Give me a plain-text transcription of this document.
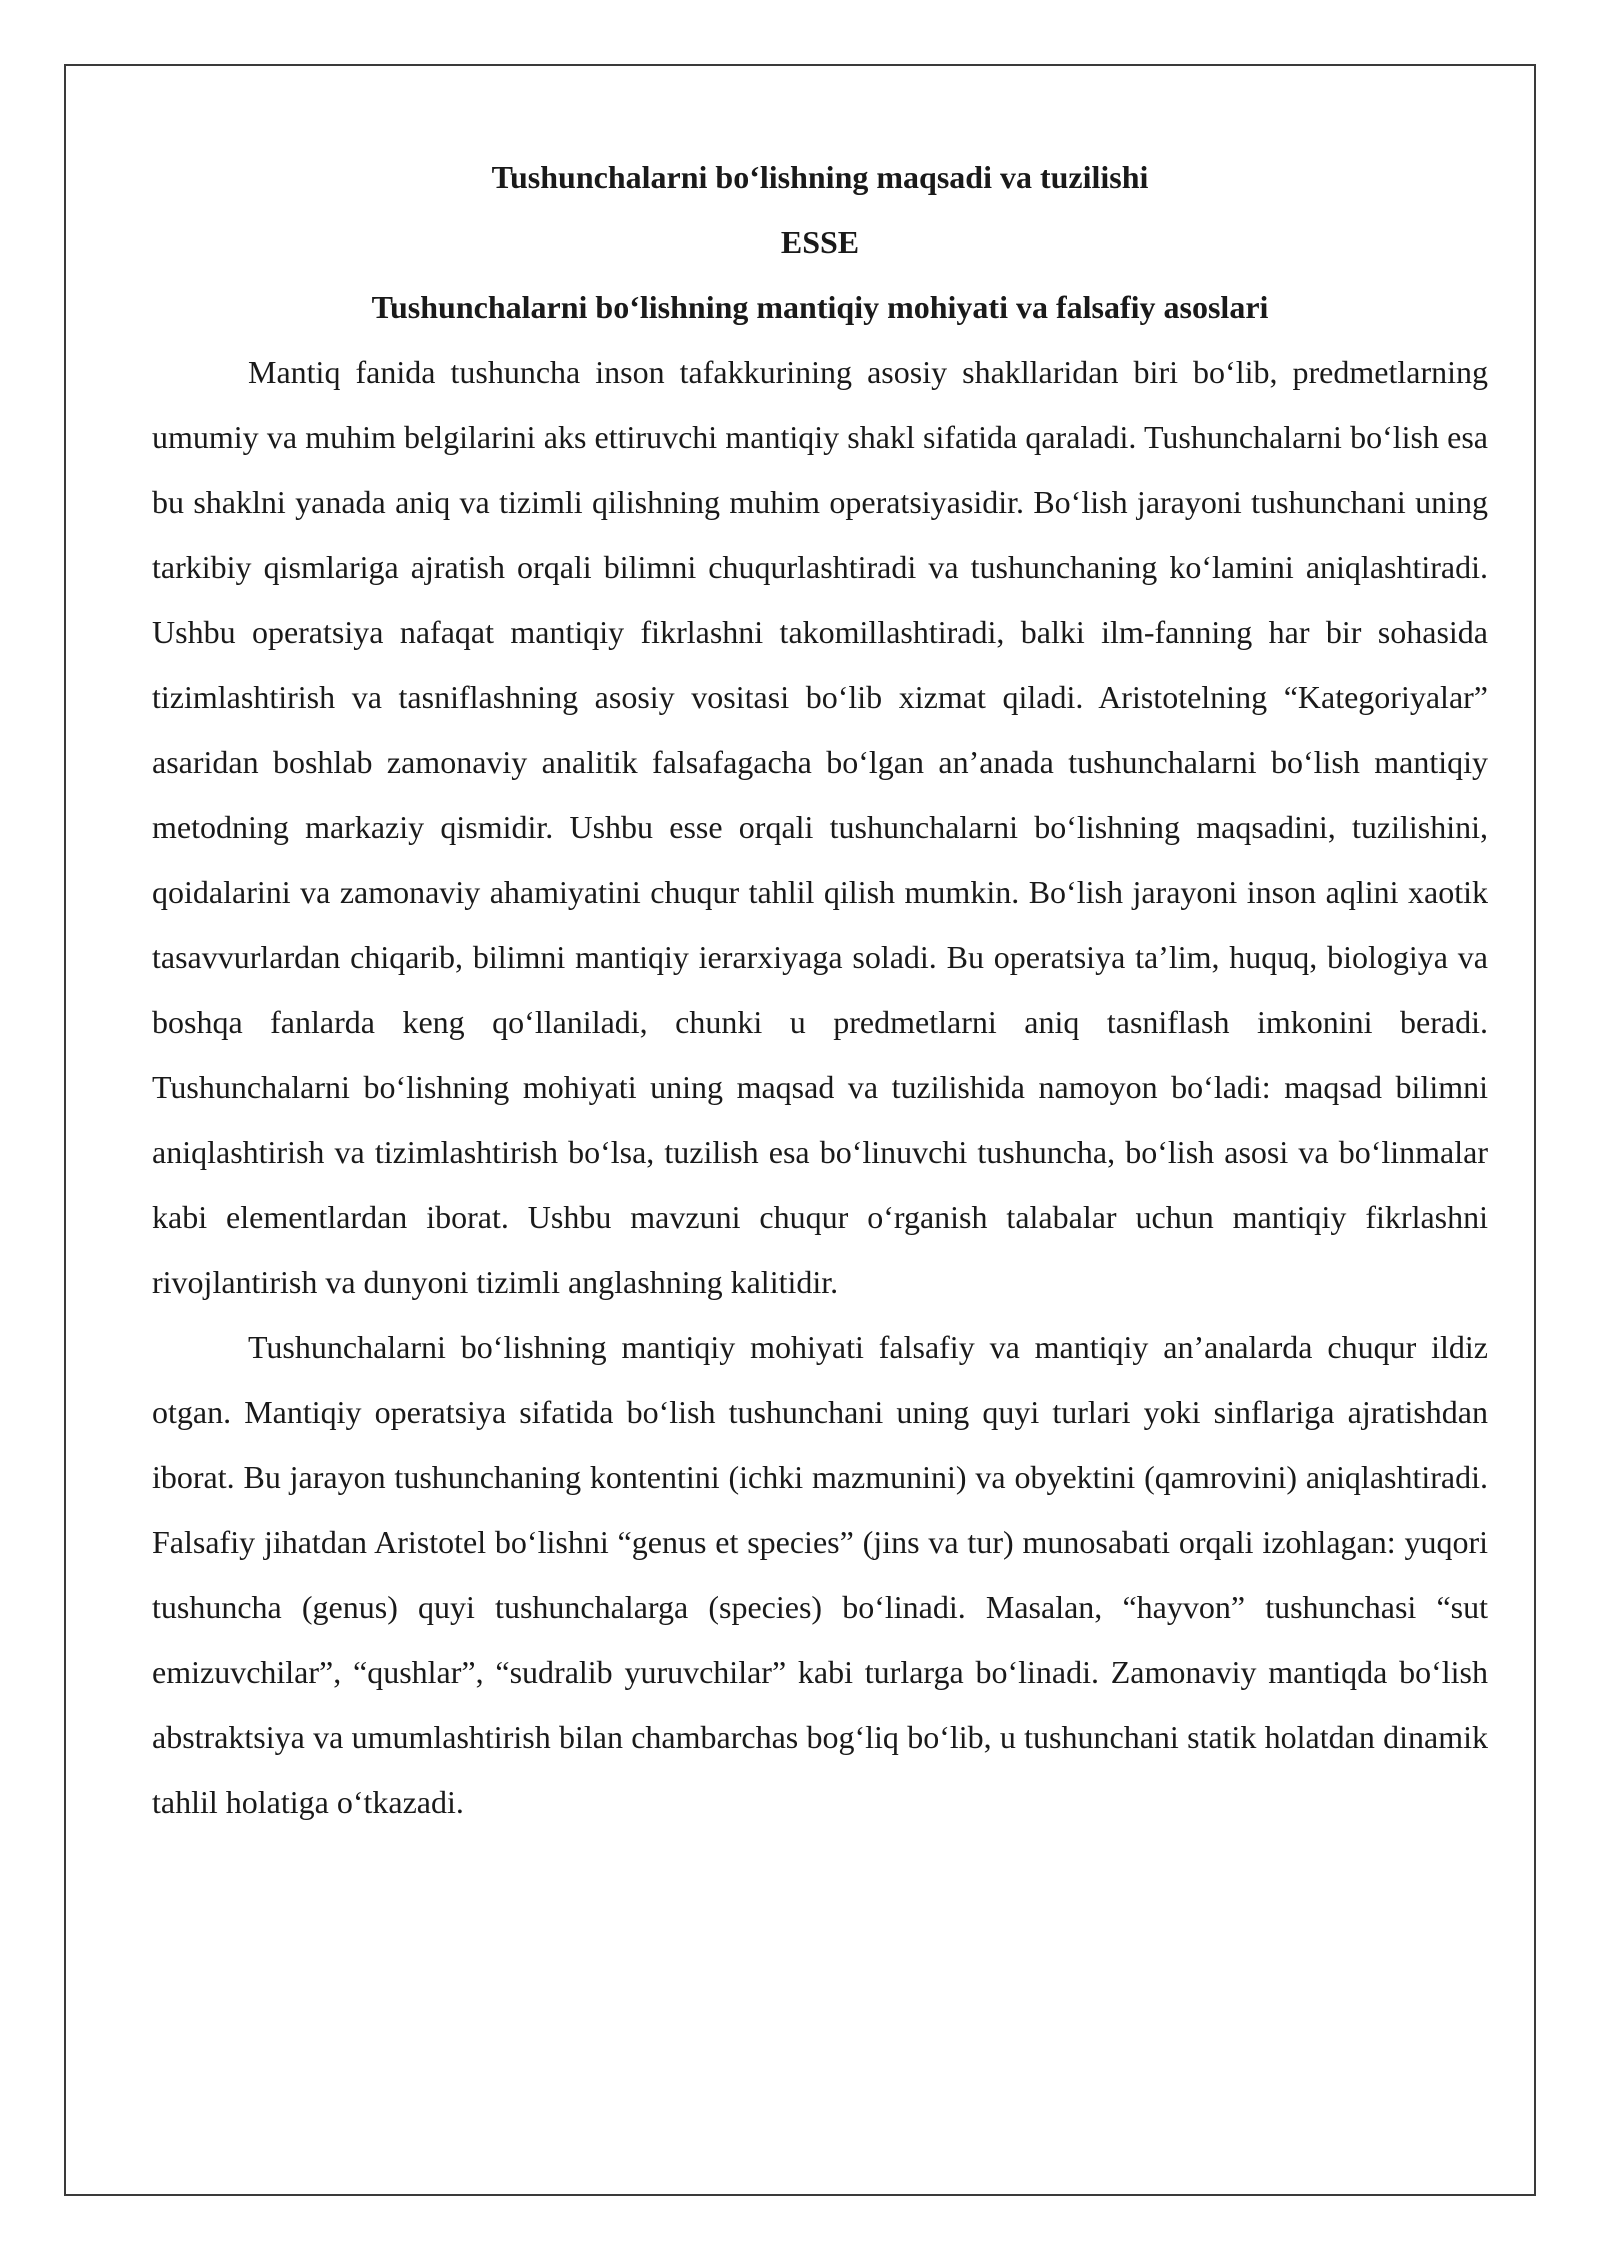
Tushunchalarni bo‘lishning maqsadi va tuzilishi
ESSE
Tushunchalarni bo‘lishning mantiqiy mohiyati va falsafiy asoslari

Mantiq fanida tushuncha inson tafakkurining asosiy shakllaridan biri bo‘lib, predmetlarning umumiy va muhim belgilarini aks ettiruvchi mantiqiy shakl sifatida qaraladi. Tushunchalarni bo‘lish esa bu shaklni yanada aniq va tizimli qilishning muhim operatsiyasidir. Bo‘lish jarayoni tushunchani uning tarkibiy qismlariga ajratish orqali bilimni chuqurlashtiradi va tushunchaning ko‘lamini aniqlashtiradi. Ushbu operatsiya nafaqat mantiqiy fikrlashni takomillashtiradi, balki ilm-fanning har bir sohasida tizimlashtirish va tasniflashning asosiy vositasi bo‘lib xizmat qiladi. Aristotelning “Kategoriyalar” asaridan boshlab zamonaviy analitik falsafagacha bo‘lgan an’anada tushunchalarni bo‘lish mantiqiy metodning markaziy qismidir. Ushbu esse orqali tushunchalarni bo‘lishning maqsadini, tuzilishini, qoidalarini va zamonaviy ahamiyatini chuqur tahlil qilish mumkin. Bo‘lish jarayoni inson aqlini xaotik tasavvurlardan chiqarib, bilimni mantiqiy ierarxiyaga soladi. Bu operatsiya ta’lim, huquq, biologiya va boshqa fanlarda keng qo‘llaniladi, chunki u predmetlarni aniq tasniflash imkonini beradi. Tushunchalarni bo‘lishning mohiyati uning maqsad va tuzilishida namoyon bo‘ladi: maqsad bilimni aniqlashtirish va tizimlashtirish bo‘lsa, tuzilish esa bo‘linuvchi tushuncha, bo‘lish asosi va bo‘linmalar kabi elementlardan iborat. Ushbu mavzuni chuqur o‘rganish talabalar uchun mantiqiy fikrlashni rivojlantirish va dunyoni tizimli anglashning kalitidir.

Tushunchalarni bo‘lishning mantiqiy mohiyati falsafiy va mantiqiy an’analarda chuqur ildiz otgan. Mantiqiy operatsiya sifatida bo‘lish tushunchani uning quyi turlari yoki sinflariga ajratishdan iborat. Bu jarayon tushunchaning kontentini (ichki mazmunini) va obyektini (qamrovini) aniqlashtiradi. Falsafiy jihatdan Aristotel bo‘lishni “genus et species” (jins va tur) munosabati orqali izohlagan: yuqori tushuncha (genus) quyi tushunchalarga (species) bo‘linadi. Masalan, “hayvon” tushunchasi “sut emizuvchilar”, “qushlar”, “sudralib yuruvchilar” kabi turlarga bo‘linadi. Zamonaviy mantiqda bo‘lish abstraktsiya va umumlashtirish bilan chambarchas bog‘liq bo‘lib, u tushunchani statik holatdan dinamik tahlil holatiga o‘tkazadi.
